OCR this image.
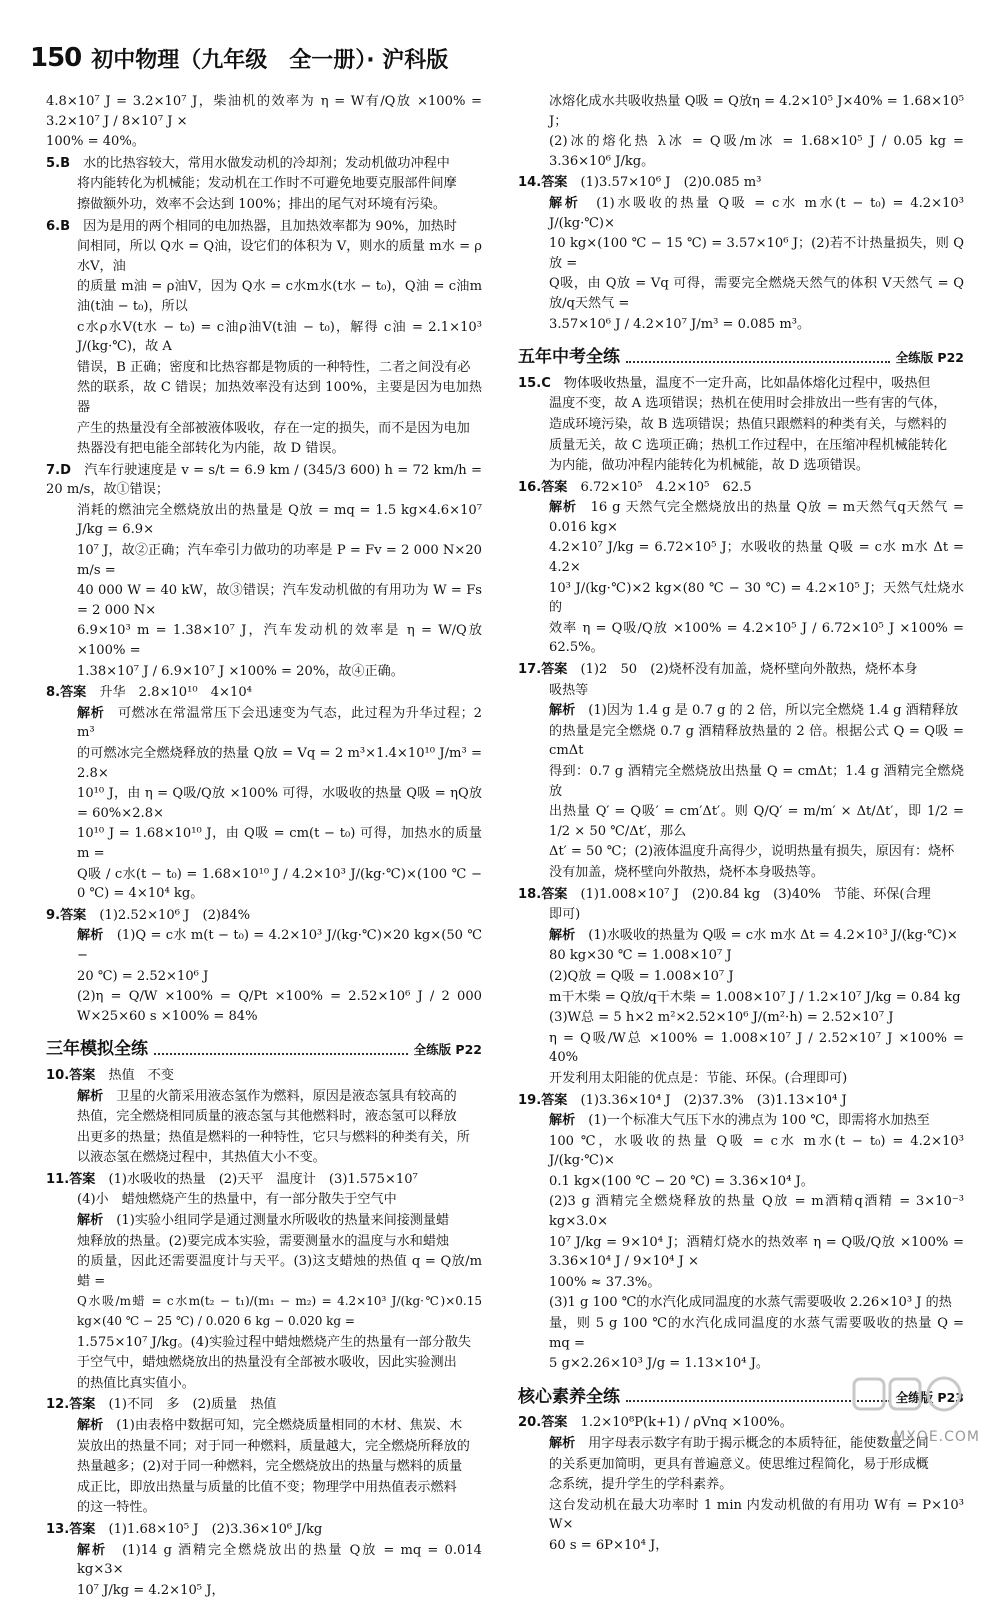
150 初中物理（九年级　全一册）· 沪科版
4.8×10⁷ J = 3.2×10⁷ J，柴油机的效率为 η = W有/Q放 ×100% = 3.2×10⁷ J / 8×10⁷ J ×
100% = 40%。
5.B　 水的比热容较大，常用水做发动机的冷却剂；发动机做功冲程中
将内能转化为机械能；发动机在工作时不可避免地要克服部件间摩
擦做额外功，效率不会达到 100%；排出的尾气对环境有污染。
6.B　 因为是用的两个相同的电加热器，且加热效率都为 90%，加热时
间相同，所以 Q水 = Q油，设它们的体积为 V，则水的质量 m水 = ρ水V，油
的质量 m油 = ρ油V，因为 Q水 = c水m水(t水 − t₀)，Q油 = c油m油(t油 − t₀)，所以
c水ρ水V(t水 − t₀) = c油ρ油V(t油 − t₀)，解得 c油 = 2.1×10³ J/(kg·℃)，故 A
错误，B 正确；密度和比热容都是物质的一种特性，二者之间没有必
然的联系，故 C 错误；加热效率没有达到 100%，主要是因为电加热器
产生的热量没有全部被液体吸收，存在一定的损失，而不是因为电加
热器没有把电能全部转化为内能，故 D 错误。
7.D　 汽车行驶速度是 v = s/t = 6.9 km / (345/3 600) h = 72 km/h = 20 m/s，故①错误；
消耗的燃油完全燃烧放出的热量是 Q放 = mq = 1.5 kg×4.6×10⁷ J/kg = 6.9×
10⁷ J，故②正确；汽车牵引力做功的功率是 P = Fv = 2 000 N×20 m/s =
40 000 W = 40 kW，故③错误；汽车发动机做的有用功为 W = Fs = 2 000 N×
6.9×10³ m = 1.38×10⁷ J，汽车发动机的效率是 η = W/Q放 ×100% =
1.38×10⁷ J / 6.9×10⁷ J ×100% = 20%，故④正确。
8.答案　 升华　2.8×10¹⁰　4×10⁴
解析　 可燃冰在常温常压下会迅速变为气态，此过程为升华过程；2 m³
的可燃冰完全燃烧释放的热量 Q放 = Vq = 2 m³×1.4×10¹⁰ J/m³ = 2.8×
10¹⁰ J，由 η = Q吸/Q放 ×100% 可得，水吸收的热量 Q吸 = ηQ放 = 60%×2.8×
10¹⁰ J = 1.68×10¹⁰ J，由 Q吸 = cm(t − t₀) 可得，加热水的质量 m =
Q吸 / c水(t − t₀) = 1.68×10¹⁰ J / 4.2×10³ J/(kg·℃)×(100 ℃ − 0 ℃) = 4×10⁴ kg。
9.答案　 (1)2.52×10⁶ J　(2)84%
解析　 (1)Q = c水 m(t − t₀) = 4.2×10³ J/(kg·℃)×20 kg×(50 ℃ −
20 ℃) = 2.52×10⁶ J
(2)η = Q/W ×100% = Q/Pt ×100% = 2.52×10⁶ J / 2 000 W×25×60 s ×100% = 84%
三年模拟全练	全练版 P22
10.答案　 热值　不变
解析　 卫星的火箭采用液态氢作为燃料，原因是液态氢具有较高的
热值，完全燃烧相同质量的液态氢与其他燃料时，液态氢可以释放
出更多的热量；热值是燃料的一种特性，它只与燃料的种类有关，所
以液态氢在燃烧过程中，其热值大小不变。
11.答案　 (1)水吸收的热量　(2)天平　温度计　(3)1.575×10⁷
(4)小　蜡烛燃烧产生的热量中，有一部分散失于空气中
解析　 (1)实验小组同学是通过测量水所吸收的热量来间接测量蜡
烛释放的热量。(2)要完成本实验，需要测量水的温度与水和蜡烛
的质量，因此还需要温度计与天平。(3)这支蜡烛的热值 q = Q放/m蜡 =
Q水吸/m蜡 = c水m(t₂ − t₁)/(m₁ − m₂) = 4.2×10³ J/(kg·℃)×0.15 kg×(40 ℃ − 25 ℃) / 0.020 6 kg − 0.020 kg =
1.575×10⁷ J/kg。(4)实验过程中蜡烛燃烧产生的热量有一部分散失
于空气中，蜡烛燃烧放出的热量没有全部被水吸收，因此实验测出
的热值比真实值小。
12.答案　 (1)不同　多　(2)质量　热值
解析　 (1)由表格中数据可知，完全燃烧质量相同的木材、焦炭、木
炭放出的热量不同；对于同一种燃料，质量越大，完全燃烧所释放的
热量越多；(2)对于同一种燃料，完全燃烧放出的热量与燃料的质量
成正比，即放出热量与质量的比值不变；物理学中用热值表示燃料
的这一特性。
13.答案　 (1)1.68×10⁵ J　(2)3.36×10⁶ J/kg
解析　 (1)14 g 酒精完全燃烧放出的热量 Q放 = mq = 0.014 kg×3×
10⁷ J/kg = 4.2×10⁵ J，
冰熔化成水共吸收热量 Q吸 = Q放η = 4.2×10⁵ J×40% = 1.68×10⁵ J；
(2)冰的熔化热 λ冰 = Q吸/m冰 = 1.68×10⁵ J / 0.05 kg = 3.36×10⁶ J/kg。
14.答案　 (1)3.57×10⁶ J　(2)0.085 m³
解析　 (1)水吸收的热量 Q吸 = c水 m水(t − t₀) = 4.2×10³ J/(kg·℃)×
10 kg×(100 ℃ − 15 ℃) = 3.57×10⁶ J；(2)若不计热量损失，则 Q放 =
Q吸，由 Q放 = Vq 可得，需要完全燃烧天然气的体积 V天然气 = Q放/q天然气 =
3.57×10⁶ J / 4.2×10⁷ J/m³ = 0.085 m³。
五年中考全练	全练版 P22
15.C　 物体吸收热量，温度不一定升高，比如晶体熔化过程中，吸热但
温度不变，故 A 选项错误；热机在使用时会排放出一些有害的气体，
造成环境污染，故 B 选项错误；热值只跟燃料的种类有关，与燃料的
质量无关，故 C 选项正确；热机工作过程中，在压缩冲程机械能转化
为内能，做功冲程内能转化为机械能，故 D 选项错误。
16.答案　 6.72×10⁵　4.2×10⁵　62.5
解析　 16 g 天然气完全燃烧放出的热量 Q放 = m天然气q天然气 = 0.016 kg×
4.2×10⁷ J/kg = 6.72×10⁵ J；水吸收的热量 Q吸 = c水 m水 Δt = 4.2×
10³ J/(kg·℃)×2 kg×(80 ℃ − 30 ℃) = 4.2×10⁵ J；天然气灶烧水的
效率 η = Q吸/Q放 ×100% = 4.2×10⁵ J / 6.72×10⁵ J ×100% = 62.5%。
17.答案　 (1)2　50　(2)烧杯没有加盖，烧杯壁向外散热，烧杯本身
吸热等
解析　 (1)因为 1.4 g 是 0.7 g 的 2 倍，所以完全燃烧 1.4 g 酒精释放
的热量是完全燃烧 0.7 g 酒精释放热量的 2 倍。根据公式 Q = Q吸 = cmΔt
得到：0.7 g 酒精完全燃烧放出热量 Q = cmΔt；1.4 g 酒精完全燃烧放
出热量 Q′ = Q吸′ = cm′Δt′。则 Q/Q′ = m/m′ × Δt/Δt′，即 1/2 = 1/2 × 50 ℃/Δt′，那么
Δt′ = 50 ℃；(2)液体温度升高得少，说明热量有损失，原因有：烧杯
没有加盖，烧杯壁向外散热，烧杯本身吸热等。
18.答案　 (1)1.008×10⁷ J　(2)0.84 kg　(3)40%　节能、环保(合理
即可)
解析　 (1)水吸收的热量为 Q吸 = c水 m水 Δt = 4.2×10³ J/(kg·℃)×
80 kg×30 ℃ = 1.008×10⁷ J
(2)Q放 = Q吸 = 1.008×10⁷ J
m干木柴 = Q放/q干木柴 = 1.008×10⁷ J / 1.2×10⁷ J/kg = 0.84 kg
(3)W总 = 5 h×2 m²×2.52×10⁶ J/(m²·h) = 2.52×10⁷ J
η = Q吸/W总 ×100% = 1.008×10⁷ J / 2.52×10⁷ J ×100% = 40%
开发利用太阳能的优点是：节能、环保。(合理即可)
19.答案　 (1)3.36×10⁴ J　(2)37.3%　(3)1.13×10⁴ J
解析　 (1)一个标准大气压下水的沸点为 100 ℃，即需将水加热至
100 ℃，水吸收的热量 Q吸 = c水 m水(t − t₀) = 4.2×10³ J/(kg·℃)×
0.1 kg×(100 ℃ − 20 ℃) = 3.36×10⁴ J。
(2)3 g 酒精完全燃烧释放的热量 Q放 = m酒精q酒精 = 3×10⁻³ kg×3.0×
10⁷ J/kg = 9×10⁴ J；酒精灯烧水的热效率 η = Q吸/Q放 ×100% = 3.36×10⁴ J / 9×10⁴ J ×
100% ≈ 37.3%。
(3)1 g 100 ℃的水汽化成同温度的水蒸气需要吸收 2.26×10³ J 的热
量，则 5 g 100 ℃的水汽化成同温度的水蒸气需要吸收的热量 Q = mq =
5 g×2.26×10³ J/g = 1.13×10⁴ J。
核心素养全练	全练版 P23
20.答案　 1.2×10⁸P(k+1) / ρVnq ×100%。
解析　 用字母表示数字有助于揭示概念的本质特征，能使数量之间
的关系更加简明，更具有普遍意义。使思维过程简化，易于形成概
念系统，提升学生的学科素养。
这台发动机在最大功率时 1 min 内发动机做的有用功 W有 = P×10³ W×
60 s = 6P×10⁴ J，
MXQE.COM
